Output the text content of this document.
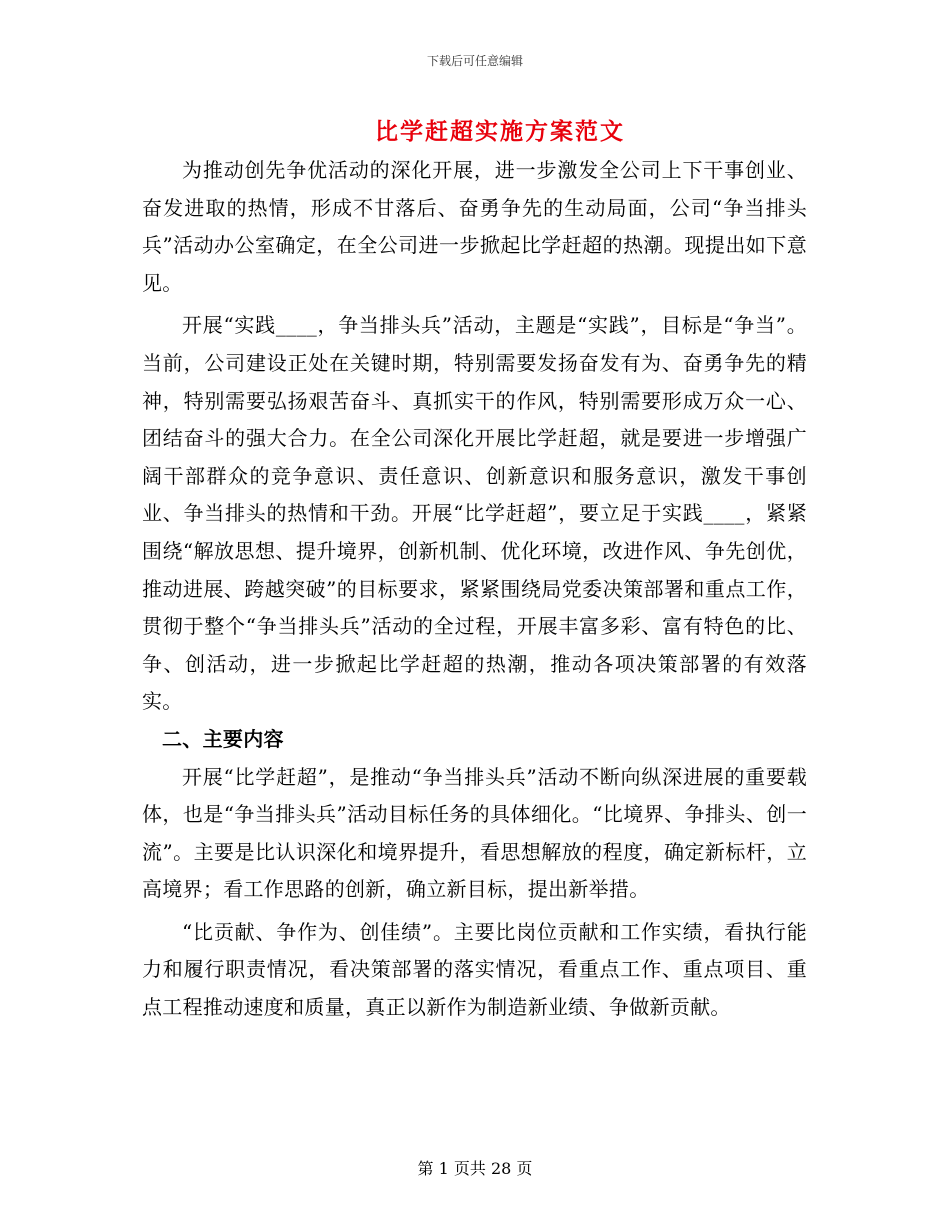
下载后可任意编辑
比学赶超实施方案范文

为推动创先争优活动的深化开展，进一步激发全公司上下干事创业、奋发进取的热情，形成不甘落后、奋勇争先的生动局面，公司“争当排头兵”活动办公室确定，在全公司进一步掀起比学赶超的热潮。现提出如下意见。

开展“实践____，争当排头兵”活动，主题是“实践”，目标是“争当”。当前，公司建设正处在关键时期，特别需要发扬奋发有为、奋勇争先的精神，特别需要弘扬艰苦奋斗、真抓实干的作风，特别需要形成万众一心、团结奋斗的强大合力。在全公司深化开展比学赶超，就是要进一步增强广阔干部群众的竞争意识、责任意识、创新意识和服务意识，激发干事创业、争当排头的热情和干劲。开展“比学赶超”，要立足于实践____，紧紧围绕“解放思想、提升境界，创新机制、优化环境，改进作风、争先创优，推动进展、跨越突破”的目标要求，紧紧围绕局党委决策部署和重点工作，贯彻于整个“争当排头兵”活动的全过程，开展丰富多彩、富有特色的比、争、创活动，进一步掀起比学赶超的热潮，推动各项决策部署的有效落实。

二、主要内容

开展“比学赶超”，是推动“争当排头兵”活动不断向纵深进展的重要载体，也是“争当排头兵”活动目标任务的具体细化。“比境界、争排头、创一流”。主要是比认识深化和境界提升，看思想解放的程度，确定新标杆，立高境界；看工作思路的创新，确立新目标，提出新举措。

“比贡献、争作为、创佳绩”。主要比岗位贡献和工作实绩，看执行能力和履行职责情况，看决策部署的落实情况，看重点工作、重点项目、重点工程推动速度和质量，真正以新作为制造新业绩、争做新贡献。

第 1 页共 28 页
